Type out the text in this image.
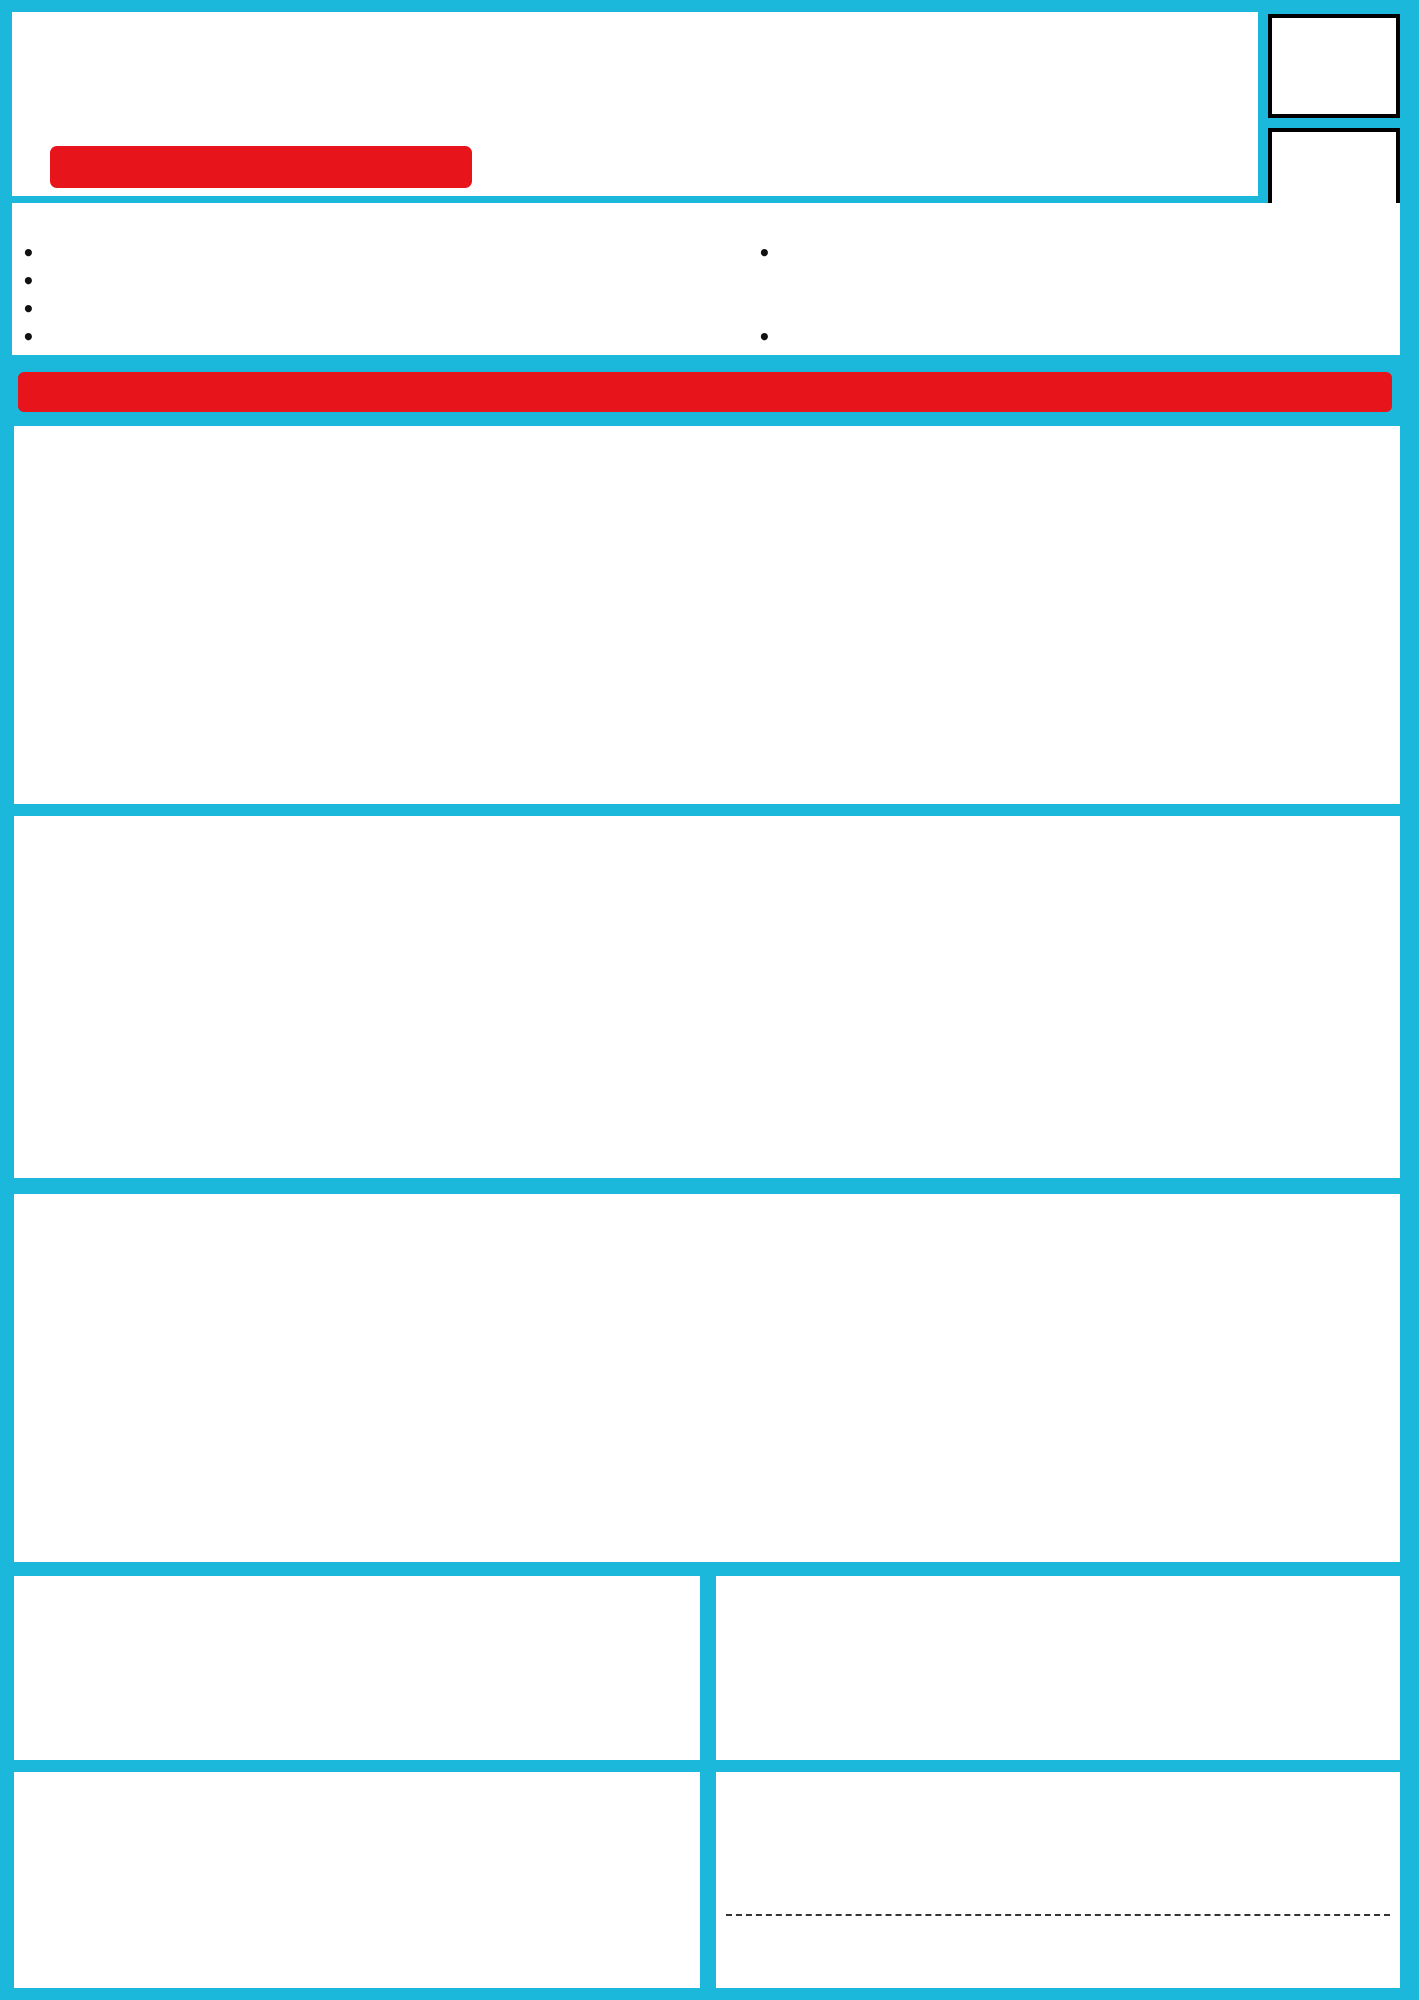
•
•
•
•
•
•
